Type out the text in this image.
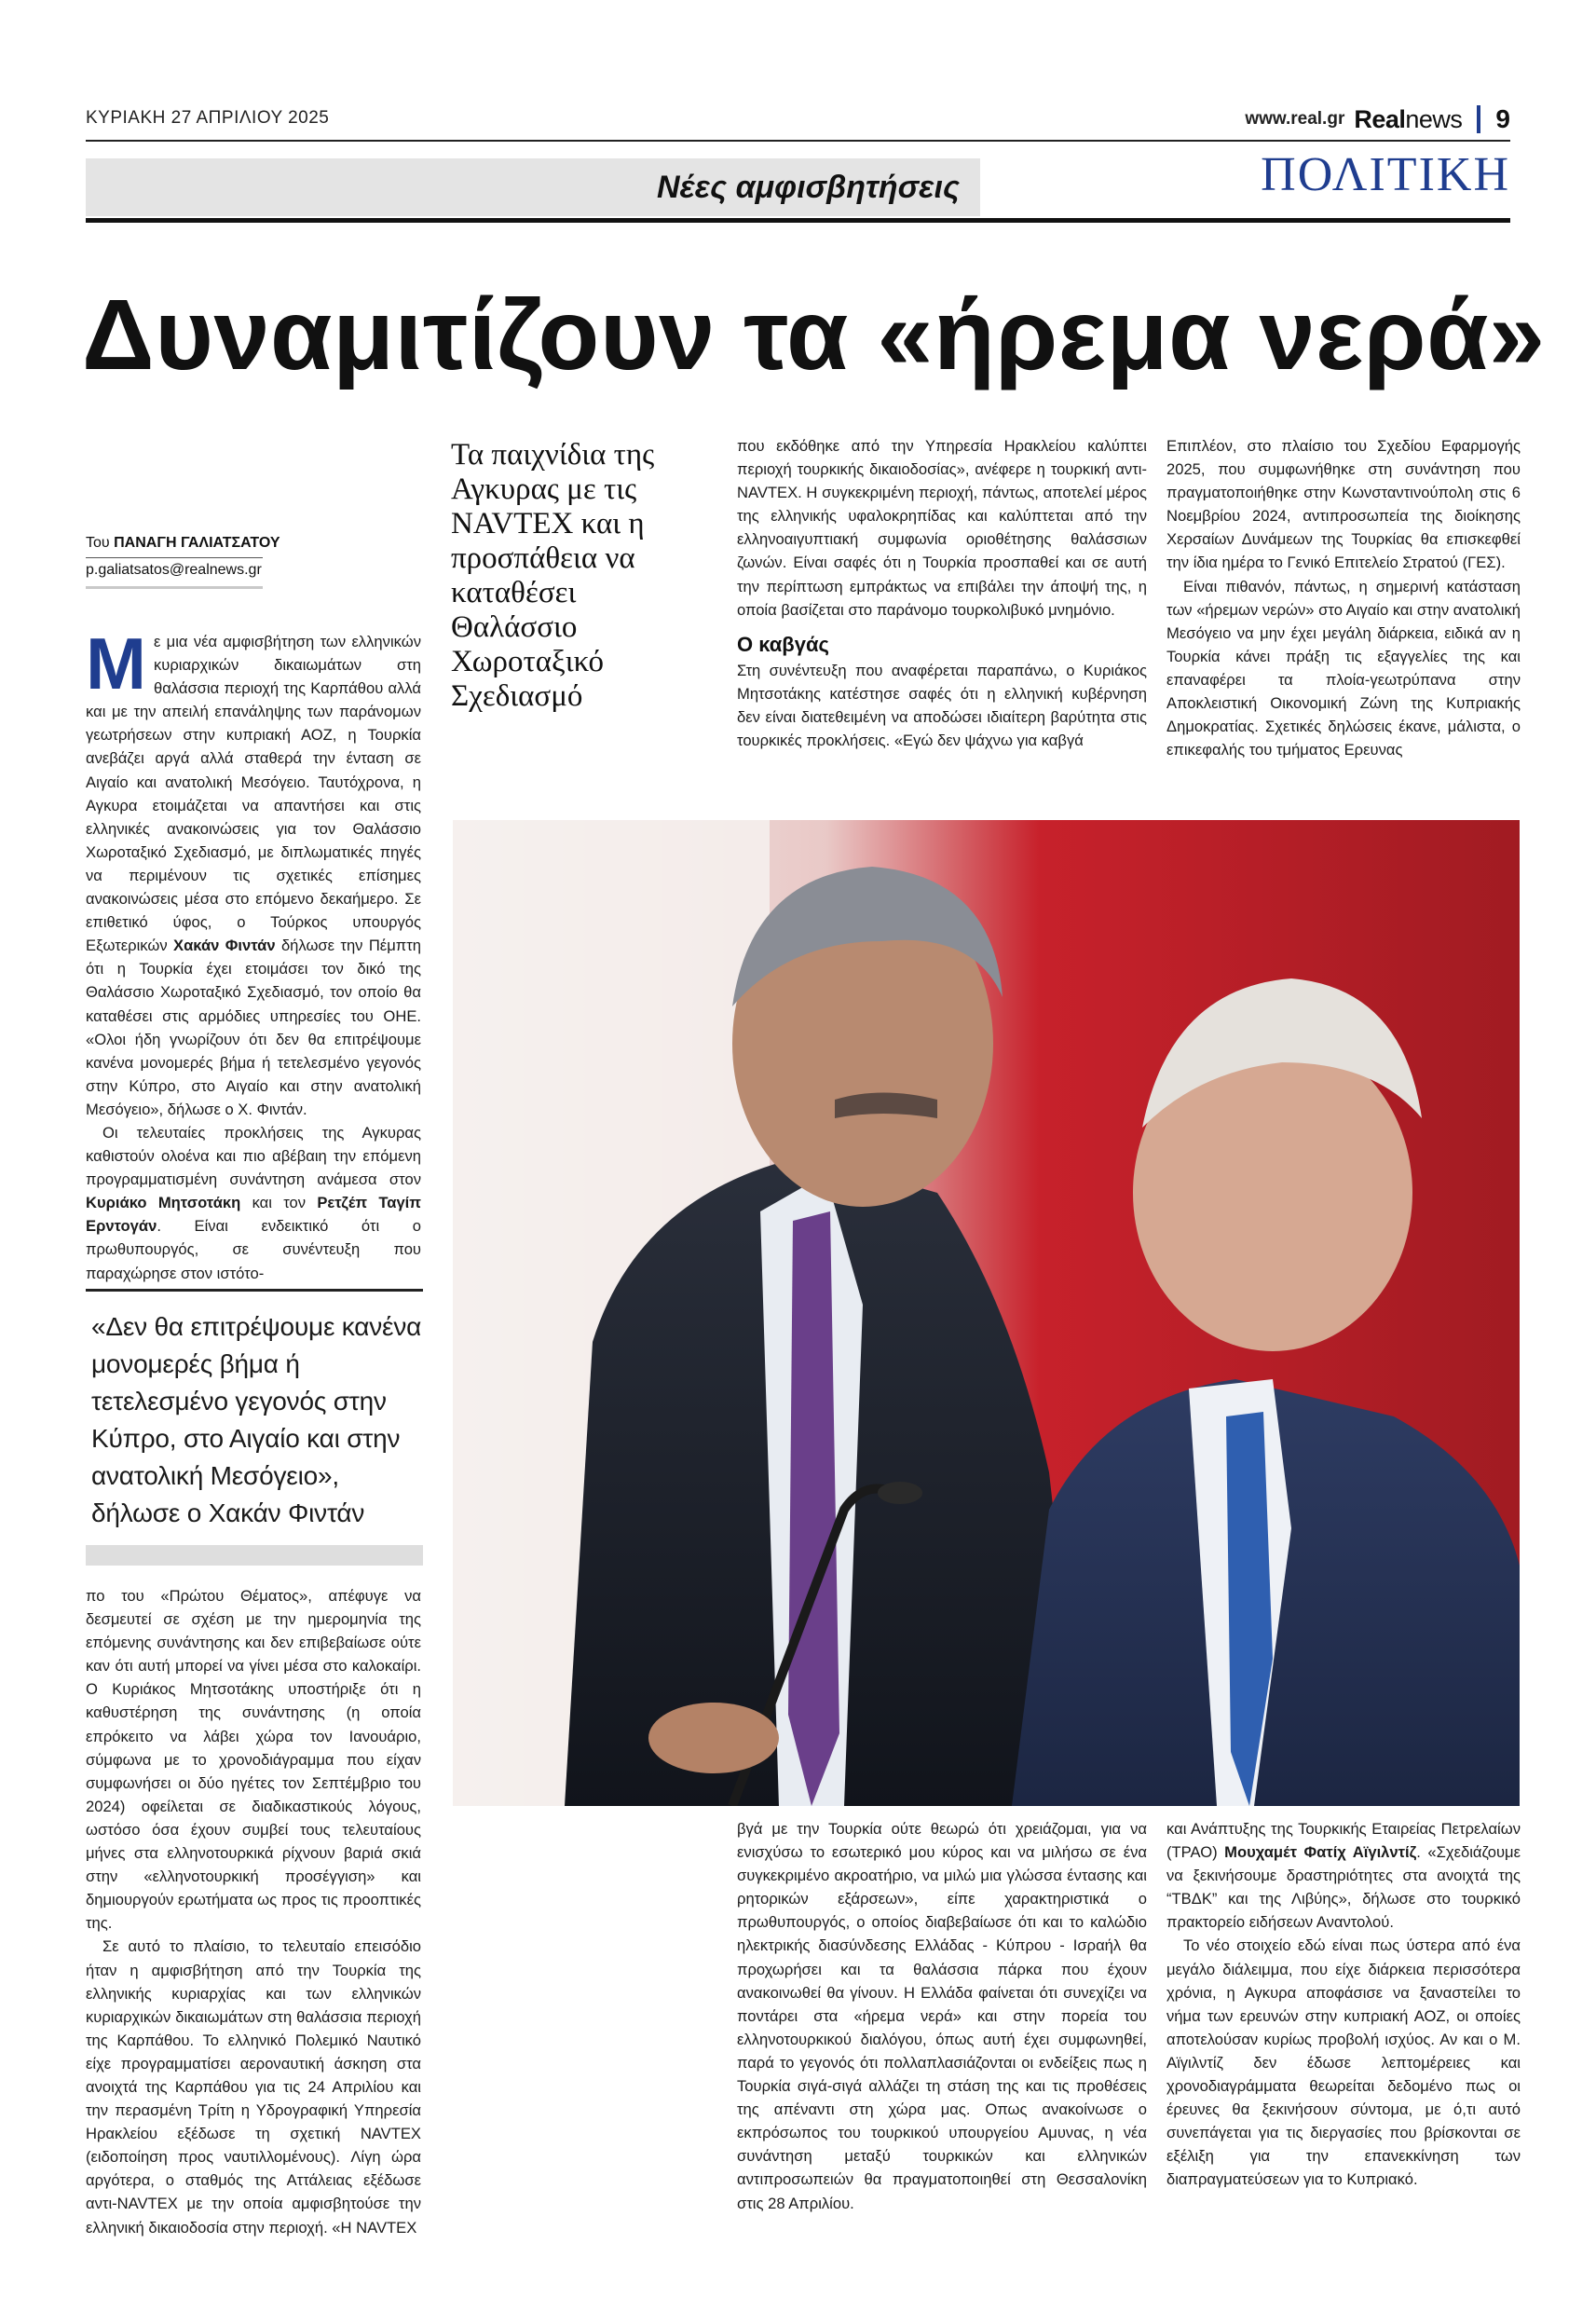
ΚΥΡΙΑΚΗ 27 ΑΠΡΙΛΙΟΥ 2025	www.real.gr Realnews 9
Νέες αμφισβητήσεις	ΠΟΛΙΤΙΚΗ
Δυναμιτίζουν τα «ήρεμα νερά»
Τα παιχνίδια της Αγκυρας με τις NAVTEX και η προσπάθεια να καταθέσει Θαλάσσιο Χωροταξικό Σχεδιασμό
Του ΠΑΝΑΓΗ ΓΑΛΙΑΤΣΑΤΟΥ
p.galiatsatos@realnews.gr

Με μια νέα αμφισβήτηση των ελληνικών κυριαρχικών δικαιωμάτων στη θαλάσσια περιοχή της Καρπάθου αλλά και με την απειλή επανάληψης των παράνομων γεωτρήσεων στην κυπριακή ΑΟΖ, η Τουρκία ανεβάζει αργά αλλά σταθερά την ένταση σε Αιγαίο και ανατολική Μεσόγειο. Ταυτόχρονα, η Αγκυρα ετοιμάζεται να απαντήσει και στις ελληνικές ανακοινώσεις για τον Θαλάσσιο Χωροταξικό Σχεδιασμό, με διπλωματικές πηγές να περιμένουν τις σχετικές επίσημες ανακοινώσεις μέσα στο επόμενο δεκαήμερο. Σε επιθετικό ύφος, ο Τούρκος υπουργός Εξωτερικών Χακάν Φιντάν δήλωσε την Πέμπτη ότι η Τουρκία έχει ετοιμάσει τον δικό της Θαλάσσιο Χωροταξικό Σχεδιασμό, τον οποίο θα καταθέσει στις αρμόδιες υπηρεσίες του ΟΗΕ. «Ολοι ήδη γνωρίζουν ότι δεν θα επιτρέψουμε κανένα μονομερές βήμα ή τετελεσμένο γεγονός στην Κύπρο, στο Αιγαίο και στην ανατολική Μεσόγειο», δήλωσε ο Χ. Φιντάν.

Οι τελευταίες προκλήσεις της Αγκυρας καθιστούν ολοένα και πιο αβέβαιη την επόμενη προγραμματισμένη συνάντηση ανάμεσα στον Κυριάκο Μητσοτάκη και τον Ρετζέπ Ταγίπ Ερντογάν. Είναι ενδεικτικό ότι ο πρωθυπουργός, σε συνέντευξη που παραχώρησε στον ιστότο-

«Δεν θα επιτρέψουμε κανένα μονομερές βήμα ή τετελεσμένο γεγονός στην Κύπρο, στο Αιγαίο και στην ανατολική Μεσόγειο», δήλωσε ο Χακάν Φιντάν

πο του «Πρώτου Θέματος», απέφυγε να δεσμευτεί σε σχέση με την ημερομηνία της επόμενης συνάντησης και δεν επιβεβαίωσε ούτε καν ότι αυτή μπορεί να γίνει μέσα στο καλοκαίρι. Ο Κυριάκος Μητσοτάκης υποστήριξε ότι η καθυστέρηση της συνάντησης (η οποία επρόκειτο να λάβει χώρα τον Ιανουάριο, σύμφωνα με το χρονοδιάγραμμα που είχαν συμφωνήσει οι δύο ηγέτες τον Σεπτέμβριο του 2024) οφείλεται σε διαδικαστικούς λόγους, ωστόσο όσα έχουν συμβεί τους τελευταίους μήνες στα ελληνοτουρκικά ρίχνουν βαριά σκιά στην «ελληνοτουρκική προσέγγιση» και δημιουργούν ερωτήματα ως προς τις προοπτικές της.

Σε αυτό το πλαίσιο, το τελευταίο επεισόδιο ήταν η αμφισβήτηση από την Τουρκία της ελληνικής κυριαρχίας και των ελληνικών κυριαρχικών δικαιωμάτων στη θαλάσσια περιοχή της Καρπάθου. Το ελληνικό Πολεμικό Ναυτικό είχε προγραμματίσει αεροναυτική άσκηση στα ανοιχτά της Καρπάθου για τις 24 Απριλίου και την περασμένη Τρίτη η Υδρογραφική Υπηρεσία Ηρακλείου εξέδωσε τη σχετική NAVTEX (ειδοποίηση προς ναυτιλλομένους). Λίγη ώρα αργότερα, ο σταθμός της Αττάλειας εξέδωσε αντι-NAVTEX με την οποία αμφισβητούσε την ελληνική δικαιοδοσία στην περιοχή. «Η NAVTEX

που εκδόθηκε από την Υπηρεσία Ηρακλείου καλύπτει περιοχή τουρκικής δικαιοδοσίας», ανέφερε η τουρκική αντι-NAVTEX. Η συγκεκριμένη περιοχή, πάντως, αποτελεί μέρος της ελληνικής υφαλοκρηπίδας και καλύπτεται από την ελληνοαιγυπτιακή συμφωνία οριοθέτησης θαλάσσιων ζωνών. Είναι σαφές ότι η Τουρκία προσπαθεί και σε αυτή την περίπτωση εμπράκτως να επιβάλει την άποψή της, η οποία βασίζεται στο παράνομο τουρκολιβυκό μνημόνιο.

Ο καβγάς

Στη συνέντευξη που αναφέρεται παραπάνω, ο Κυριάκος Μητσοτάκης κατέστησε σαφές ότι η ελληνική κυβέρνηση δεν είναι διατεθειμένη να αποδώσει ιδιαίτερη βαρύτητα στις τουρκικές προκλήσεις. «Εγώ δεν ψάχνω για καβγά

Επιπλέον, στο πλαίσιο του Σχεδίου Εφαρμογής 2025, που συμφωνήθηκε στη συνάντηση που πραγματοποιήθηκε στην Κωνσταντινούπολη στις 6 Νοεμβρίου 2024, αντιπροσωπεία της διοίκησης Χερσαίων Δυνάμεων της Τουρκίας θα επισκεφθεί την ίδια ημέρα το Γενικό Επιτελείο Στρατού (ΓΕΣ).

Είναι πιθανόν, πάντως, η σημερινή κατάσταση των «ήρεμων νερών» στο Αιγαίο και στην ανατολική Μεσόγειο να μην έχει μεγάλη διάρκεια, ειδικά αν η Τουρκία κάνει πράξη τις εξαγγελίες της και επαναφέρει τα πλοία-γεωτρύπανα στην Αποκλειστική Οικονομική Ζώνη της Κυπριακής Δημοκρατίας. Σχετικές δηλώσεις έκανε, μάλιστα, ο επικεφαλής του τμήματος Ερευνας

βγά με την Τουρκία ούτε θεωρώ ότι χρειάζομαι, για να ενισχύσω το εσωτερικό μου κύρος και να μιλήσω σε ένα συγκεκριμένο ακροατήριο, να μιλώ μια γλώσσα έντασης και ρητορικών εξάρσεων», είπε χαρακτηριστικά ο πρωθυπουργός, ο οποίος διαβεβαίωσε ότι και το καλώδιο ηλεκτρικής διασύνδεσης Ελλάδας - Κύπρου - Ισραήλ θα προχωρήσει και τα θαλάσσια πάρκα που έχουν ανακοινωθεί θα γίνουν. Η Ελλάδα φαίνεται ότι συνεχίζει να ποντάρει στα «ήρεμα νερά» και στην πορεία του ελληνοτουρκικού διαλόγου, όπως αυτή έχει συμφωνηθεί, παρά το γεγονός ότι πολλαπλασιάζονται οι ενδείξεις πως η Τουρκία σιγά-σιγά αλλάζει τη στάση της και τις προθέσεις της απέναντι στη χώρα μας. Οπως ανακοίνωσε ο εκπρόσωπος του τουρκικού υπουργείου Αμυνας, η νέα συνάντηση μεταξύ τουρκικών και ελληνικών αντιπροσωπειών θα πραγματοποιηθεί στη Θεσσαλονίκη στις 28 Απριλίου.

και Ανάπτυξης της Τουρκικής Εταιρείας Πετρελαίων (ΤΡΑΟ) Μουχαμέτ Φατίχ Αϊγιλντίζ. «Σχεδιάζουμε να ξεκινήσουμε δραστηριότητες στα ανοιχτά της “ΤΒΔΚ” και της Λιβύης», δήλωσε στο τουρκικό πρακτορείο ειδήσεων Αναντολού.

Το νέο στοιχείο εδώ είναι πως ύστερα από ένα μεγάλο διάλειμμα, που είχε διάρκεια περισσότερα χρόνια, η Αγκυρα αποφάσισε να ξαναστείλει το νήμα των ερευνών στην κυπριακή ΑΟΖ, οι οποίες αποτελούσαν κυρίως προβολή ισχύος. Αν και ο Μ. Αϊγιλντίζ δεν έδωσε λεπτομέρειες και χρονοδιαγράμματα θεωρείται δεδομένο πως οι έρευνες θα ξεκινήσουν σύντομα, με ό,τι αυτό συνεπάγεται για τις διεργασίες που βρίσκονται σε εξέλιξη για την επανεκκίνηση των διαπραγματεύσεων για το Κυπριακό.
